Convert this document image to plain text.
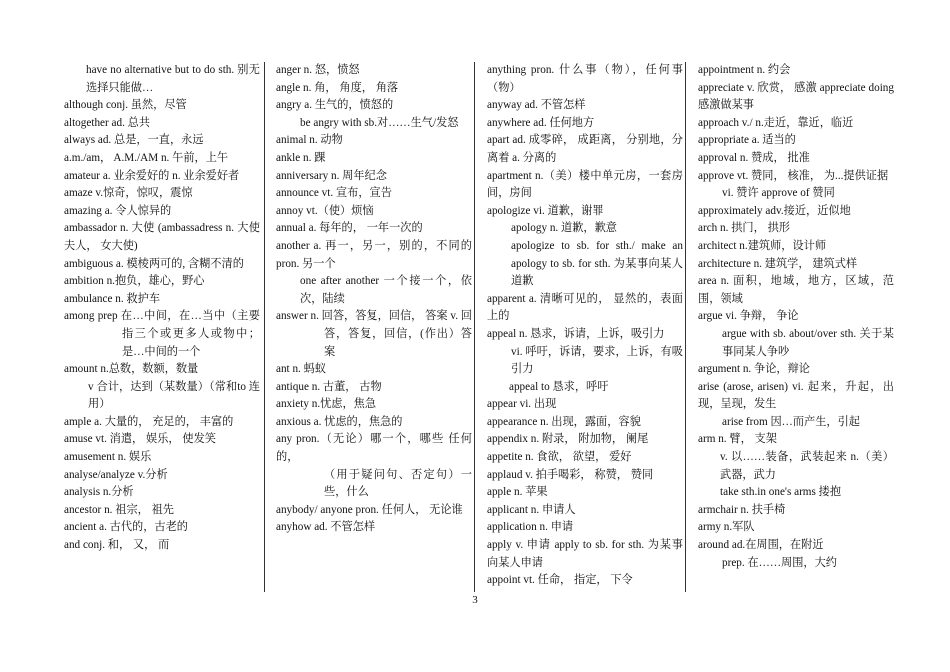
have no alternative but to do sth. 别无选择只能做…

although conj. 虽然，尽管

altogether ad. 总共

always ad. 总是，一直，永远

a.m./am， A.M./AM n. 午前，上午

amateur a. 业余爱好的 n. 业余爱好者

amaze v.惊奇，惊叹，震惊

amazing a. 令人惊异的

ambassador n. 大使 (ambassadress n. 大使夫人， 女大使)

ambiguous a. 模棱两可的, 含糊不清的

ambition n.抱负，雄心，野心

ambulance n. 救护车

among prep 在…中间，在…当中（主要指三个或更多人或物中；是…中间的一个

amount n.总数，数额，数量

v 合计，达到（某数量）（常和to 连用）

ample a. 大量的， 充足的， 丰富的

amuse vt. 消遣， 娱乐， 使发笑

amusement n. 娱乐

analyse/analyze v.分析

analysis n.分析

ancestor n. 祖宗， 祖先

ancient a. 古代的，古老的

and conj. 和， 又， 而

anger n. 怒，愤怒

angle n. 角， 角度， 角落

angry a. 生气的，愤怒的

be angry with sb.对……生气/发怒

animal n. 动物

ankle n. 踝

anniversary n. 周年纪念

announce vt. 宣布，宣告

annoy vt.（使）烦恼

annual a. 每年的， 一年一次的

another a. 再一，另一，别的，不同的 pron. 另一个

one after another 一个接一个，依次，陆续

answer n. 回答，答复，回信， 答案 v. 回答，答复，回信，(作出）答案

ant n. 蚂蚁

antique n. 古董， 古物

anxiety n.忧虑，焦急

anxious a. 忧虑的，焦急的

any pron.（无论）哪一个，哪些 任何的，

（用于疑问句、否定句）一些，什么

anybody/ anyone pron. 任何人， 无论谁

anyhow ad. 不管怎样

anything pron. 什么事（物），任何事（物）

anyway ad. 不管怎样

anywhere ad. 任何地方

apart ad. 成零碎， 成距离， 分别地，分离着 a. 分离的

apartment n.（美）楼中单元房，一套房间，房间

apologize vi. 道歉，谢罪

apology n. 道歉，歉意

apologize to sb. for sth./ make an apology to sb. for sth. 为某事向某人道歉

apparent a. 清晰可见的， 显然的，表面上的

appeal n. 恳求，诉请，上诉，吸引力

vi. 呼吁，诉请，要求，上诉，有吸引力

appeal to 恳求，呼吁

appear vi. 出现

appearance n. 出现，露面，容貌

appendix n. 附录， 附加物， 阑尾

appetite n. 食欲， 欲望， 爱好

applaud v. 拍手喝彩， 称赞， 赞同

apple n. 苹果

applicant n. 申请人

application n. 申请

apply v. 申请 apply to sb. for sth. 为某事向某人申请

appoint vt. 任命， 指定， 下令

appointment n. 约会

appreciate v. 欣赏， 感激 appreciate doing 感激做某事

approach v./ n.走近，靠近，临近

appropriate a. 适当的

approval n. 赞成， 批准

approve vt. 赞同， 核准， 为...提供证据

vi. 赞许 approve of 赞同

approximately adv.接近，近似地

arch n. 拱门， 拱形

architect n.建筑师，设计师

architecture n. 建筑学， 建筑式样

area n. 面积，地域，地方，区域，范围，领域

argue vi. 争辩， 争论

argue with sb. about/over sth. 关于某事同某人争吵

argument n. 争论，辩论

arise (arose, arisen) vi. 起来，升起，出现，呈现，发生

arise from 因…而产生，引起

arm n. 臂， 支架

v. 以……装备，武装起来 n.（美）武器，武力

take sth.in one's arms 搂抱

armchair n. 扶手椅

army n.军队

around ad.在周围，在附近

prep. 在……周围，大约

3
